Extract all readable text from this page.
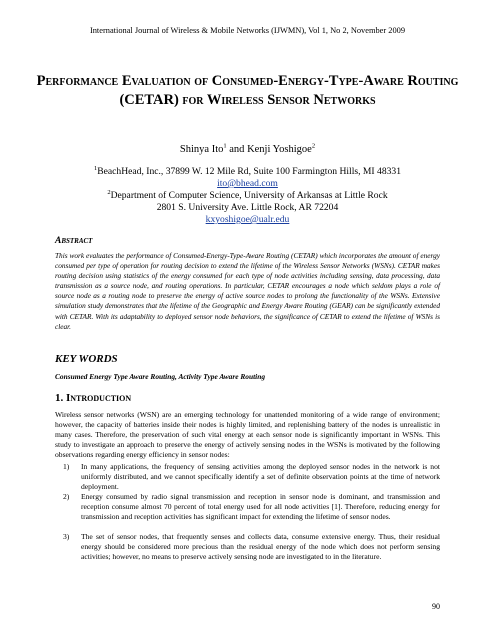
International Journal of Wireless & Mobile Networks (IJWMN), Vol 1, No 2, November 2009
Performance Evaluation of Consumed-Energy-Type-Aware Routing (CETAR) for Wireless Sensor Networks
Shinya Ito$^1$ and Kenji Yoshigoe$^2$
$^1$BeachHead, Inc., 37899 W. 12 Mile Rd, Suite 100 Farmington Hills, MI 48331
ito@bhead.com
$^2$Department of Computer Science, University of Arkansas at Little Rock
2801 S. University Ave. Little Rock, AR 72204
kxyoshigoe@ualr.edu
Abstract
This work evaluates the performance of Consumed-Energy-Type-Aware Routing (CETAR) which incorporates the amount of energy consumed per type of operation for routing decision to extend the lifetime of the Wireless Sensor Networks (WSNs). CETAR makes routing decision using statistics of the energy consumed for each type of node activities including sensing, data processing, data transmission as a source node, and routing operations. In particular, CETAR encourages a node which seldom plays a role of source node as a routing node to preserve the energy of active source nodes to prolong the functionality of the WSNs. Extensive simulation study demonstrates that the lifetime of the Geographic and Energy Aware Routing (GEAR) can be significantly extended with CETAR. With its adaptability to deployed sensor node behaviors, the significance of CETAR to extend the lifetime of WSNs is clear.
KEY WORDS
Consumed Energy Type Aware Routing, Activity Type Aware Routing
1. Introduction
Wireless sensor networks (WSN) are an emerging technology for unattended monitoring of a wide range of environment; however, the capacity of batteries inside their nodes is highly limited, and replenishing battery of the nodes is unrealistic in many cases. Therefore, the preservation of such vital energy at each sensor node is significantly important in WSNs. This study to investigate an approach to preserve the energy of actively sensing nodes in the WSNs is motivated by the following observations regarding energy efficiency in sensor nodes:
1) In many applications, the frequency of sensing activities among the deployed sensor nodes in the network is not uniformly distributed, and we cannot specifically identify a set of definite observation points at the time of network deployment.
2) Energy consumed by radio signal transmission and reception in sensor node is dominant, and transmission and reception consume almost 70 percent of total energy used for all node activities [1]. Therefore, reducing energy for transmission and reception activities has significant impact for extending the lifetime of sensor nodes.
3) The set of sensor nodes, that frequently senses and collects data, consume extensive energy. Thus, their residual energy should be considered more precious than the residual energy of the node which does not perform sensing activities; however, no means to preserve actively sensing node are investigated to in the literature.
90
